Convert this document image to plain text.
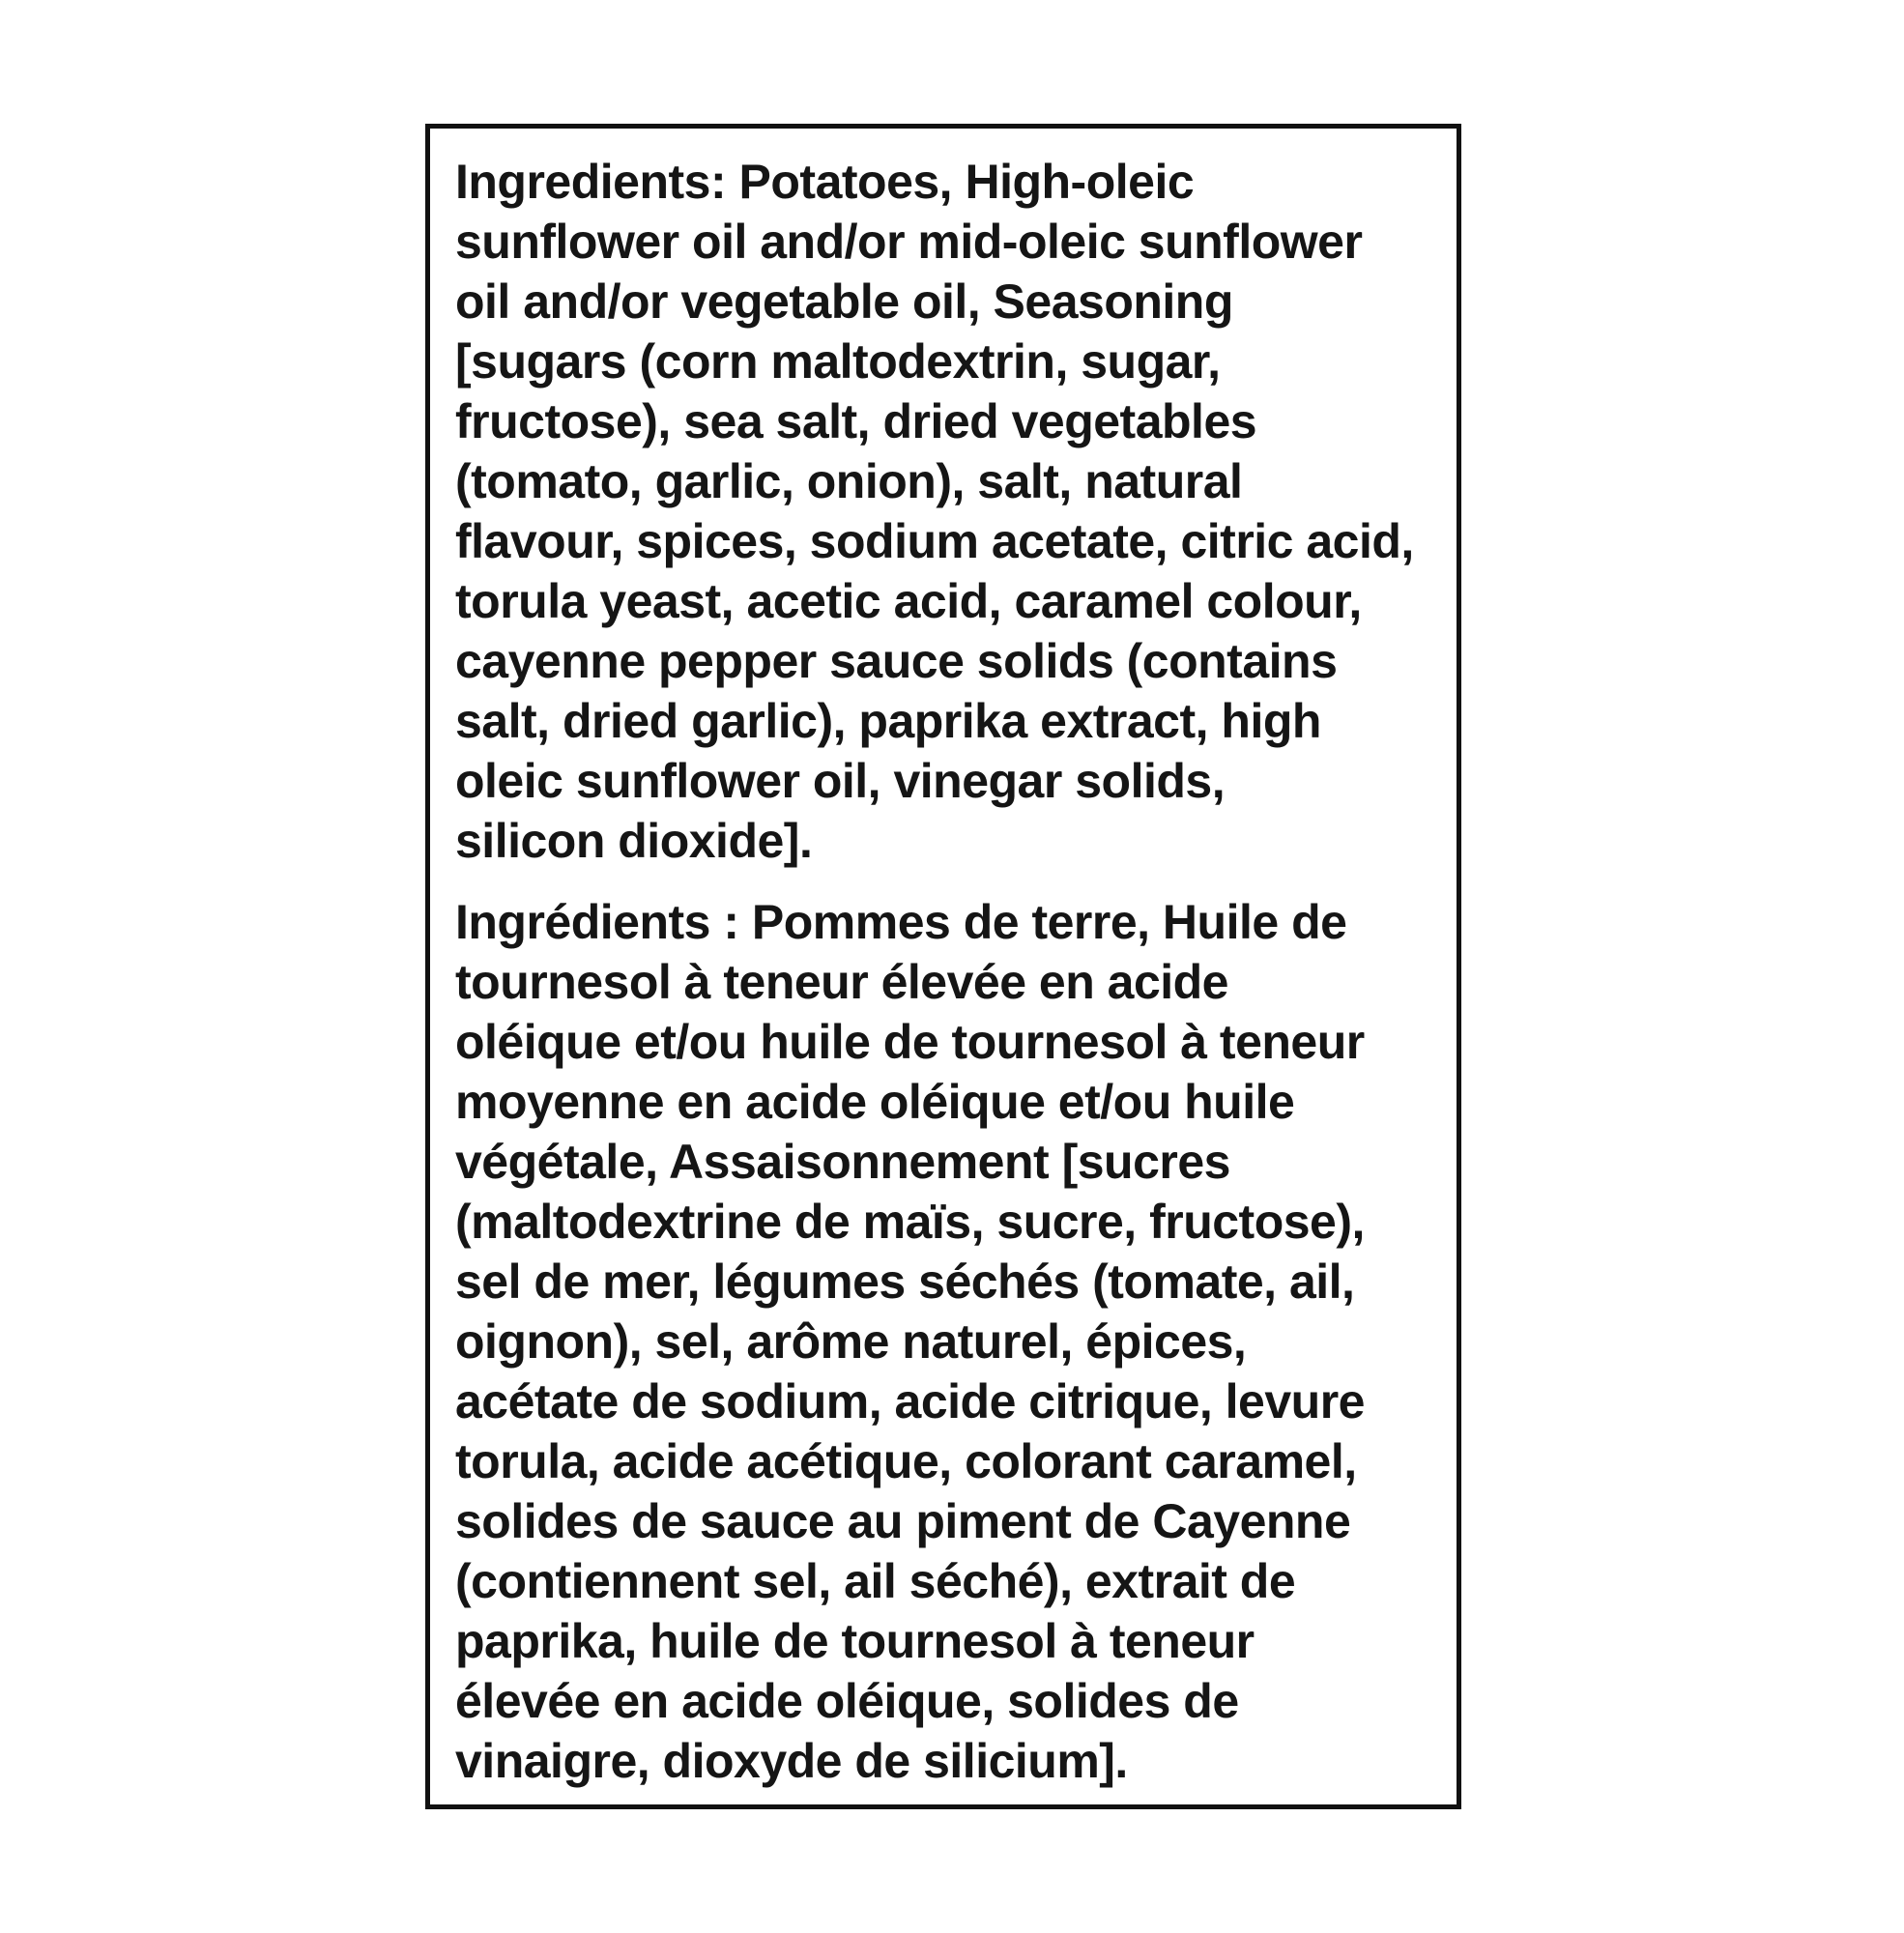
Ingredients: Potatoes, High-oleic
sunflower oil and/or mid-oleic sunflower
oil and/or vegetable oil, Seasoning
[sugars (corn maltodextrin, sugar,
fructose), sea salt, dried vegetables
(tomato, garlic, onion), salt, natural
flavour, spices, sodium acetate, citric acid,
torula yeast, acetic acid, caramel colour,
cayenne pepper sauce solids (contains
salt, dried garlic), paprika extract, high
oleic sunflower oil, vinegar solids,
silicon dioxide].

Ingrédients : Pommes de terre, Huile de
tournesol à teneur élevée en acide
oléique et/ou huile de tournesol à teneur
moyenne en acide oléique et/ou huile
végétale, Assaisonnement [sucres
(maltodextrine de maïs, sucre, fructose),
sel de mer, légumes séchés (tomate, ail,
oignon), sel, arôme naturel, épices,
acétate de sodium, acide citrique, levure
torula, acide acétique, colorant caramel,
solides de sauce au piment de Cayenne
(contiennent sel, ail séché), extrait de
paprika, huile de tournesol à teneur
élevée en acide oléique, solides de
vinaigre, dioxyde de silicium].
